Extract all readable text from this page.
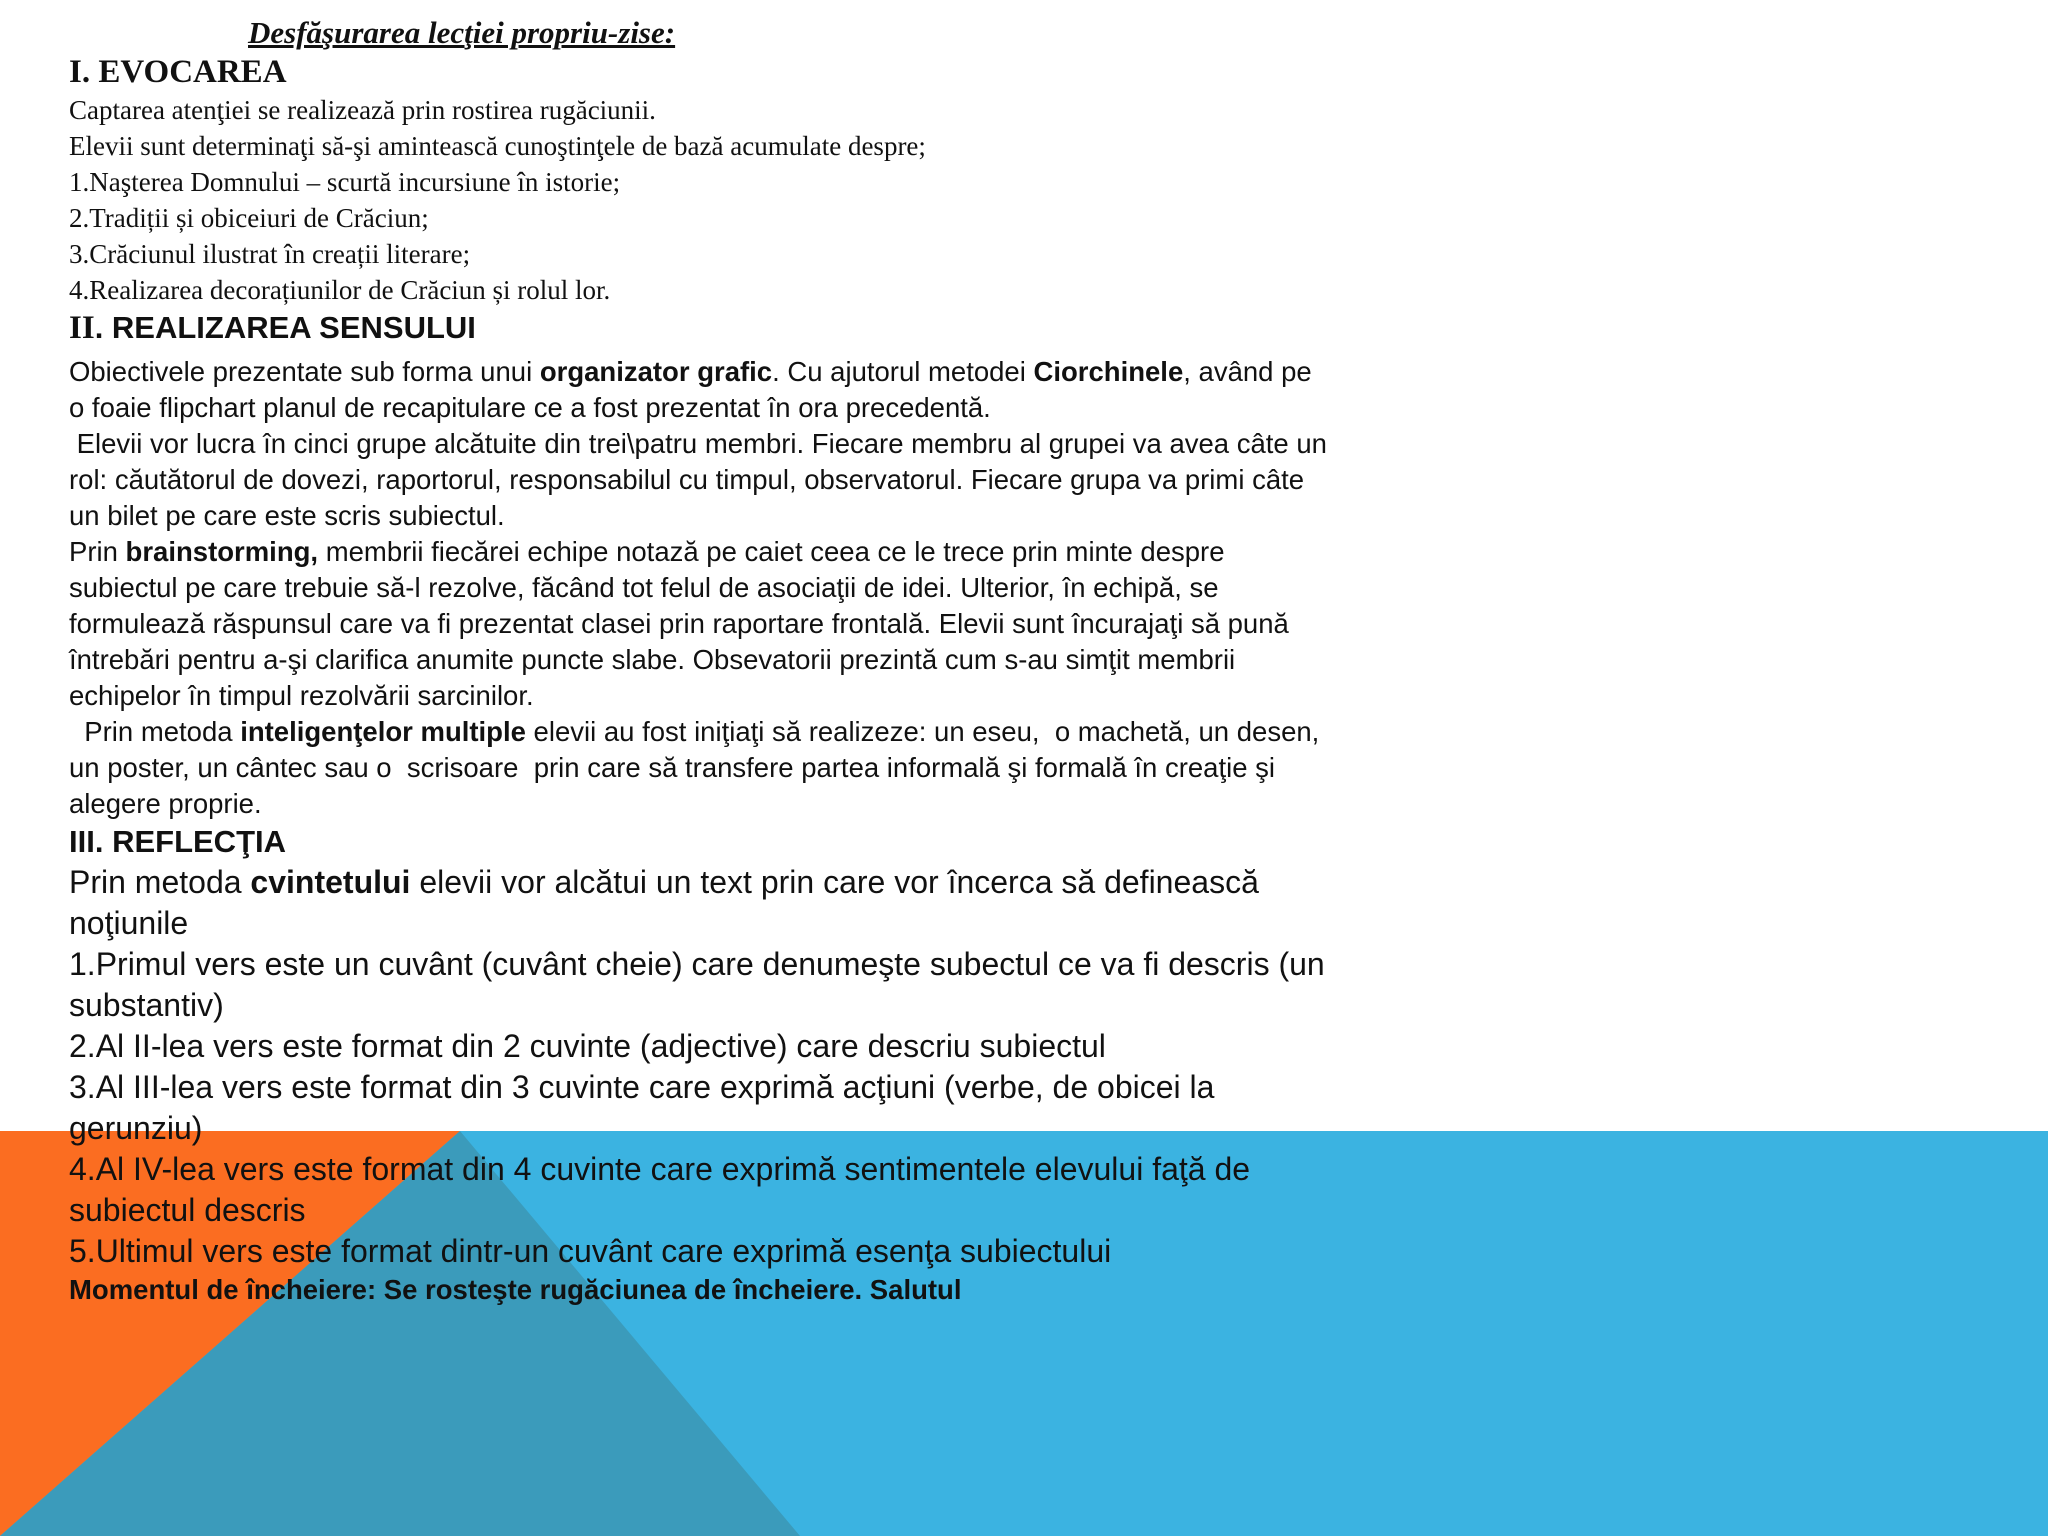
Desfăşurarea lecţiei propriu-zise:

I. EVOCAREA

Captarea atenţiei se realizează prin rostirea rugăciunii.

Elevii sunt determinaţi să-şi amintească cunoştinţele de bază acumulate despre;

1.Naşterea Domnului – scurtă incursiune în istorie;

2.Tradiții și obiceiuri de Crăciun;

3.Crăciunul ilustrat în creații literare;

4.Realizarea decorațiunilor de Crăciun și rolul lor.

II. REALIZAREA SENSULUI

Obiectivele prezentate sub forma unui organizator grafic. Cu ajutorul metodei Ciorchinele, având pe o foaie flipchart planul de recapitulare ce a fost prezentat în ora precedentă.

Elevii vor lucra în cinci grupe alcătuite din trei\patru membri. Fiecare membru al grupei va avea câte un rol: căutătorul de dovezi, raportorul, responsabilul cu timpul, observatorul. Fiecare grupa va primi câte un bilet pe care este scris subiectul.

Prin brainstorming, membrii fiecărei echipe notază pe caiet ceea ce le trece prin minte despre subiectul pe care trebuie să-l rezolve, făcând tot felul de asociaţii de idei. Ulterior, în echipă, se formulează răspunsul care va fi prezentat clasei prin raportare frontală. Elevii sunt încurajaţi să pună întrebări pentru a-şi clarifica anumite puncte slabe. Obsevatorii prezintă cum s-au simţit membrii echipelor în timpul rezolvării sarcinilor.

Prin metoda inteligenţelor multiple elevii au fost iniţiaţi să realizeze: un eseu,  o machetă, un desen, un poster, un cântec sau o  scrisoare  prin care să transfere partea informală şi formală în creaţie şi alegere proprie.

III. REFLECŢIA

Prin metoda cvintetului elevii vor alcătui un text prin care vor încerca să definească noţiunile

1.Primul vers este un cuvânt (cuvânt cheie) care denumeşte subectul ce va fi descris (un substantiv)

2.Al II-lea vers este format din 2 cuvinte (adjective) care descriu subiectul

3.Al III-lea vers este format din 3 cuvinte care exprimă acţiuni (verbe, de obicei la gerunziu)

4.Al IV-lea vers este format din 4 cuvinte care exprimă sentimentele elevului faţă de subiectul descris

5.Ultimul vers este format dintr-un cuvânt care exprimă esenţa subiectului

Momentul de încheiere: Se rosteşte rugăciunea de încheiere. Salutul
